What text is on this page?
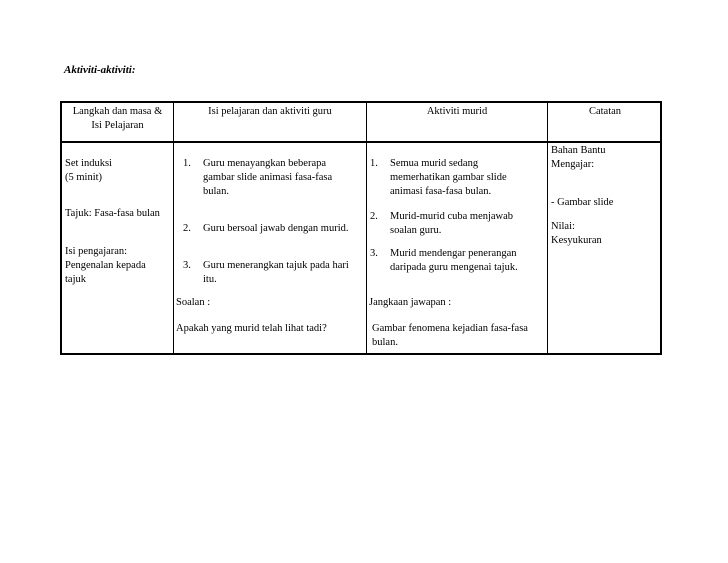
Aktiviti-aktiviti:
Langkah dan masa &
Isi Pelajaran
Isi pelajaran dan aktiviti guru	Aktiviti murid	Catatan
Set induksi
(5 minit)
Tajuk: Fasa-fasa bulan
Isi pengajaran:
Pengenalan kepada
tajuk
1. Guru menayangkan beberapa
gambar slide animasi fasa-fasa
bulan.
2. Guru bersoal jawab dengan murid.
3. Guru menerangkan tajuk pada hari
itu.
Soalan :
Apakah yang murid telah lihat tadi?
1. Semua murid sedang
memerhatikan gambar slide
animasi fasa-fasa bulan.
2. Murid-murid cuba menjawab
soalan guru.
3. Murid mendengar penerangan
daripada guru mengenai tajuk.
Jangkaan jawapan :
Gambar fenomena kejadian fasa-fasa
bulan.
Bahan Bantu
Mengajar:
- Gambar slide
Nilai:
Kesyukuran
